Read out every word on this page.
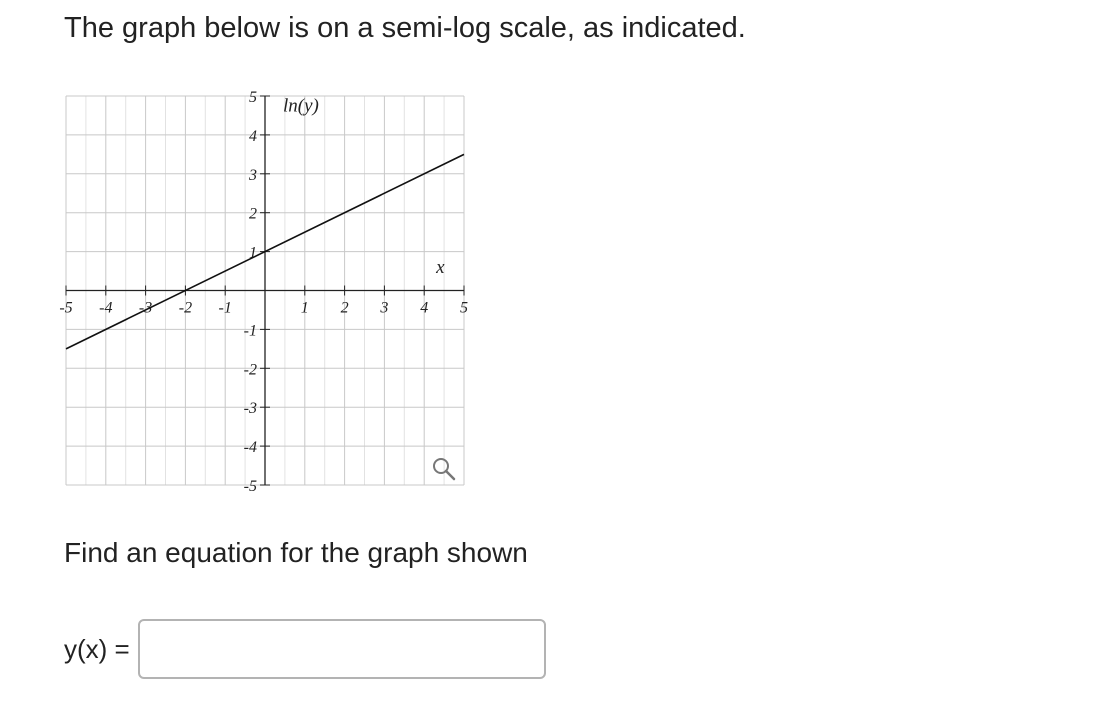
The graph below is on a semi-log scale, as indicated.
-5 -4 -3 -2 -1	1 2 3 4 5
5
4
3
2
1
-1
-2
-3
-4
-5
ln(y)
x

Find an equation for the graph shown

y(x) =
